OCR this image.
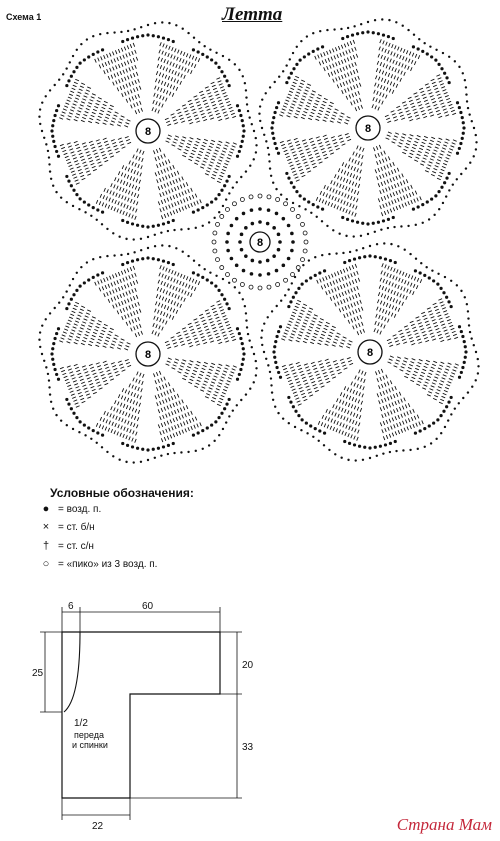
Схема 1	Летта
8	8
8	8
8
6	60
25
20
33
22
1/2
переда
и спинки
Условные обозначения:
● = возд. п.
× = ст. б/н
† = ст. с/н
○ = «пико» из 3 возд. п.
Страна Мам
